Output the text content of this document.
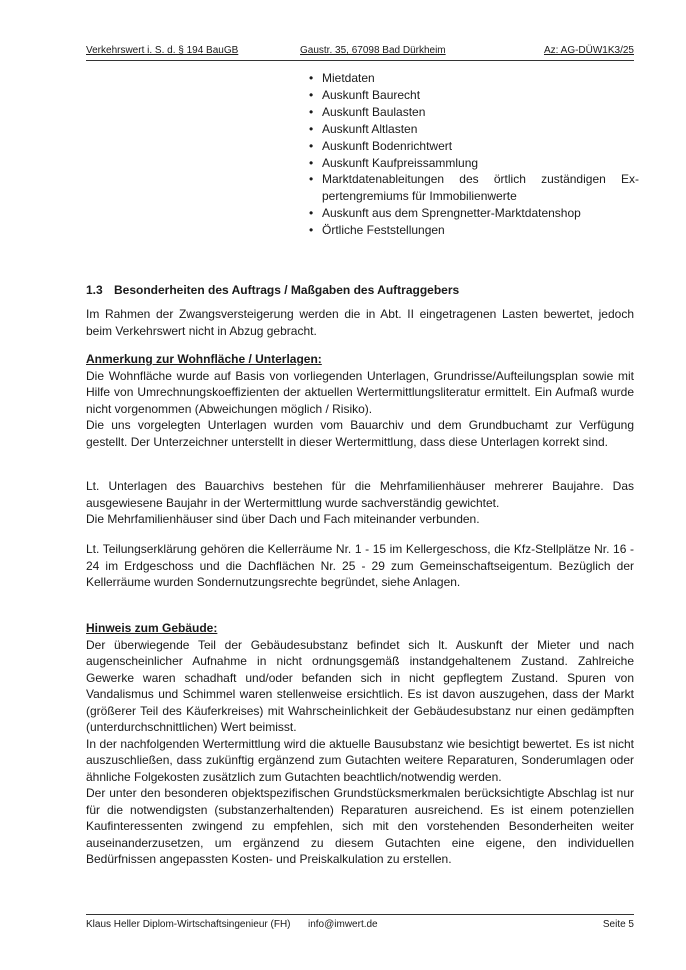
Verkehrswert i. S. d. § 194 BauGB	Gaustr. 35, 67098 Bad Dürkheim	Az: AG-DÜW1K3/25
• Mietdaten
• Auskunft Baurecht
• Auskunft Baulasten
• Auskunft Altlasten
• Auskunft Bodenrichtwert
• Auskunft Kaufpreissammlung
• Marktdatenableitungen des örtlich zuständigen Ex-pertengremiums für Immobilienwerte
• Auskunft aus dem Sprengnetter-Marktdatenshop
• Örtliche Feststellungen
1.3 Besonderheiten des Auftrags / Maßgaben des Auftraggebers

Im Rahmen der Zwangsversteigerung werden die in Abt. II eingetragenen Lasten bewertet, jedoch beim Verkehrswert nicht in Abzug gebracht.

Anmerkung zur Wohnfläche / Unterlagen:

Die Wohnfläche wurde auf Basis von vorliegenden Unterlagen, Grundrisse/Aufteilungsplan sowie mit Hilfe von Umrechnungskoeffizienten der aktuellen Wertermittlungsliteratur ermittelt. Ein Aufmaß wurde nicht vorgenommen (Abweichungen möglich / Risiko).

Die uns vorgelegten Unterlagen wurden vom Bauarchiv und dem Grundbuchamt zur Verfügung gestellt. Der Unterzeichner unterstellt in dieser Wertermittlung, dass diese Unterlagen korrekt sind.

Lt. Unterlagen des Bauarchivs bestehen für die Mehrfamilienhäuser mehrerer Baujahre. Das ausgewiesene Baujahr in der Wertermittlung wurde sachverständig gewichtet.

Die Mehrfamilienhäuser sind über Dach und Fach miteinander verbunden.

Lt. Teilungserklärung gehören die Kellerräume Nr. 1 - 15 im Kellergeschoss, die Kfz-Stellplätze Nr. 16 - 24 im Erdgeschoss und die Dachflächen Nr. 25 - 29 zum Gemeinschaftseigentum. Bezüglich der Kellerräume wurden Sondernutzungsrechte begründet, siehe Anlagen.

Hinweis zum Gebäude:

Der überwiegende Teil der Gebäudesubstanz befindet sich lt. Auskunft der Mieter und nach augenscheinlicher Aufnahme in nicht ordnungsgemäß instandgehaltenem Zustand. Zahlreiche Gewerke waren schadhaft und/oder befanden sich in nicht gepflegtem Zustand. Spuren von Vandalismus und Schimmel waren stellenweise ersichtlich. Es ist davon auszugehen, dass der Markt (größerer Teil des Käuferkreises) mit Wahrscheinlichkeit der Gebäudesubstanz nur einen gedämpften (unterdurchschnittlichen) Wert beimisst.

In der nachfolgenden Wertermittlung wird die aktuelle Bausubstanz wie besichtigt bewertet. Es ist nicht auszuschließen, dass zukünftig ergänzend zum Gutachten weitere Reparaturen, Sonderumlagen oder ähnliche Folgekosten zusätzlich zum Gutachten beachtlich/notwendig werden.

Der unter den besonderen objektspezifischen Grundstücksmerkmalen berücksichtigte Abschlag ist nur für die notwendigsten (substanzerhaltenden) Reparaturen ausreichend. Es ist einem potenziellen Kaufinteressenten zwingend zu empfehlen, sich mit den vorstehenden Besonderheiten weiter auseinanderzusetzen, um ergänzend zu diesem Gutachten eine eigene, den individuellen Bedürfnissen angepassten Kosten- und Preiskalkulation zu erstellen.

Klaus Heller Diplom-Wirtschaftsingenieur (FH) info@imwert.de	Seite 5
